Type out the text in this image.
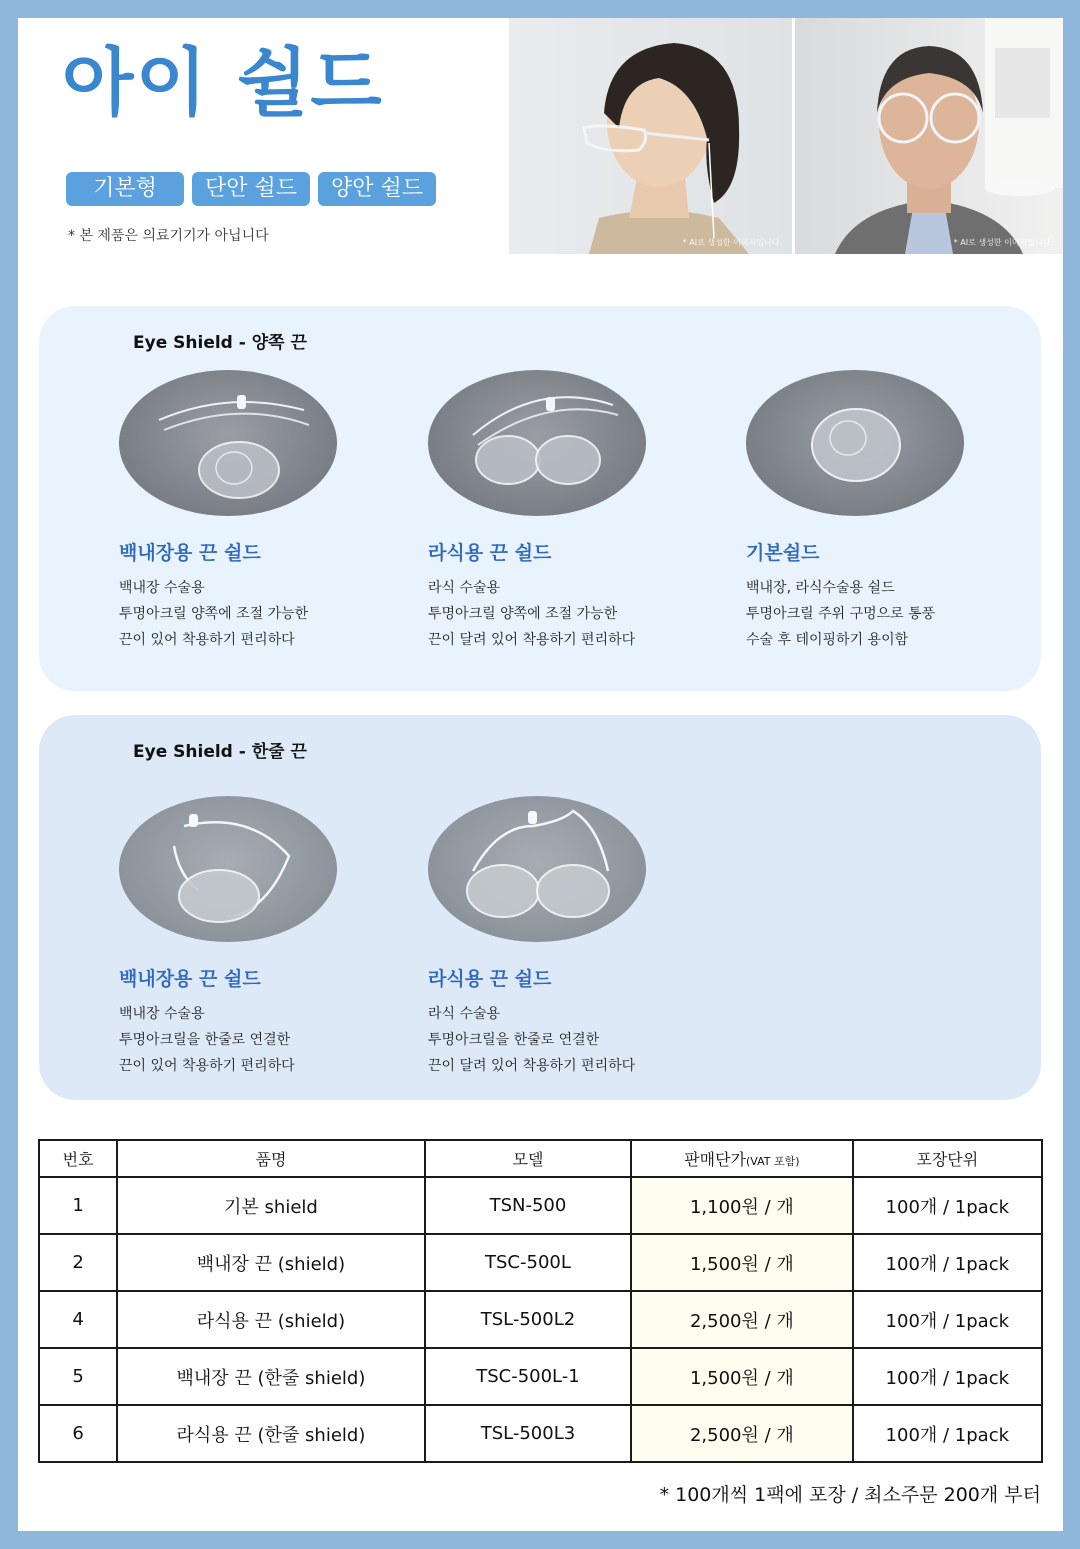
아이 쉴드
기본형	단안 쉴드	양안 쉴드
* 본 제품은 의료기기가 아닙니다	* AI로 생성한 이미지입니다.	* AI로 생성한 이미지입니다.
Eye Shield - 양쪽 끈
백내장용 끈 쉴드
백내장 수술용
투명아크릴 양쪽에 조절 가능한
끈이 있어 착용하기 편리하다
라식용 끈 쉴드
라식 수술용
투명아크릴 양쪽에 조절 가능한
끈이 달려 있어 착용하기 편리하다
기본쉴드
백내장, 라식수술용 쉴드
투명아크릴 주위 구멍으로 통풍
수술 후 테이핑하기 용이함
Eye Shield - 한줄 끈
백내장용 끈 쉴드
백내장 수술용
투명아크릴을 한줄로 연결한
끈이 있어 착용하기 편리하다
라식용 끈 쉴드
라식 수술용
투명아크릴을 한줄로 연결한
끈이 달려 있어 착용하기 편리하다
번호	품명	모델	판매단가(VAT 포함)	포장단위
1	기본 shield	TSN-500	1,100원 / 개	100개 / 1pack
2	백내장 끈 (shield)	TSC-500L	1,500원 / 개	100개 / 1pack
4	라식용 끈 (shield)	TSL-500L2	2,500원 / 개	100개 / 1pack
5	백내장 끈 (한줄 shield)	TSC-500L-1	1,500원 / 개	100개 / 1pack
6	라식용 끈 (한줄 shield)	TSL-500L3	2,500원 / 개	100개 / 1pack
* 100개씩 1팩에 포장 / 최소주문 200개 부터
